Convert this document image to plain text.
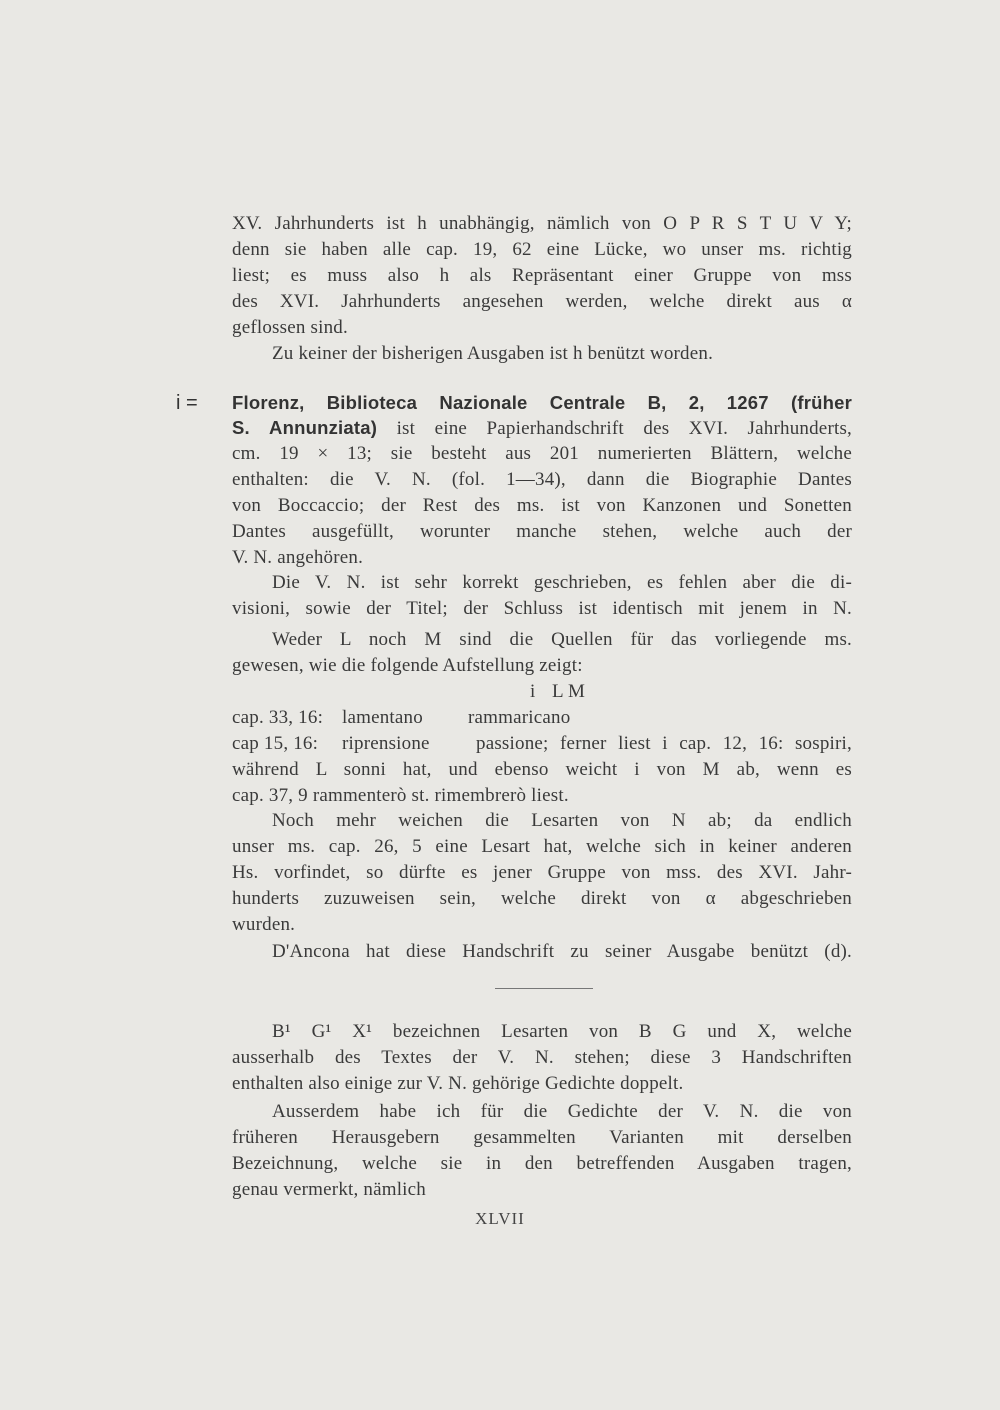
XV. Jahrhunderts ist h unabhängig, nämlich von O P R S T U V Y;
denn sie haben alle cap. 19, 62 eine Lücke, wo unser ms. richtig
liest; es muss also h als Repräsentant einer Gruppe von mss
des XVI. Jahrhunderts angesehen werden, welche direkt aus α
geflossen sind.
Zu keiner der bisherigen Ausgaben ist h benützt worden.
i = Florenz, Biblioteca Nazionale Centrale B, 2, 1267 (früher
S. Annunziata) ist eine Papierhandschrift des XVI. Jahrhunderts,
cm. 19 × 13; sie besteht aus 201 numerierten Blättern, welche
enthalten: die V. N. (fol. 1—34), dann die Biographie Dantes
von Boccaccio; der Rest des ms. ist von Kanzonen und Sonetten
Dantes ausgefüllt, worunter manche stehen, welche auch der
V. N. angehören.
Die V. N. ist sehr korrekt geschrieben, es fehlen aber die di-
visioni, sowie der Titel; der Schluss ist identisch mit jenem in N.
Weder L noch M sind die Quellen für das vorliegende ms.
gewesen, wie die folgende Aufstellung zeigt:
L M
i
cap. 33, 16: lamentano rammaricano
cap 15, 16: riprensione passione; ferner liest i cap. 12, 16: sospiri,
während L sonni hat, und ebenso weicht i von M ab, wenn es
cap. 37, 9 rammenterò st. rimembrerò liest.
Noch mehr weichen die Lesarten von N ab; da endlich
unser ms. cap. 26, 5 eine Lesart hat, welche sich in keiner anderen
Hs. vorfindet, so dürfte es jener Gruppe von mss. des XVI. Jahr-
hunderts zuzuweisen sein, welche direkt von α abgeschrieben
wurden.
D'Ancona hat diese Handschrift zu seiner Ausgabe benützt (d).
B¹ G¹ X¹ bezeichnen Lesarten von B G und X, welche
ausserhalb des Textes der V. N. stehen; diese 3 Handschriften
enthalten also einige zur V. N. gehörige Gedichte doppelt.
Ausserdem habe ich für die Gedichte der V. N. die von
früheren Herausgebern gesammelten Varianten mit derselben
Bezeichnung, welche sie in den betreffenden Ausgaben tragen,
genau vermerkt, nämlich
XLVII
